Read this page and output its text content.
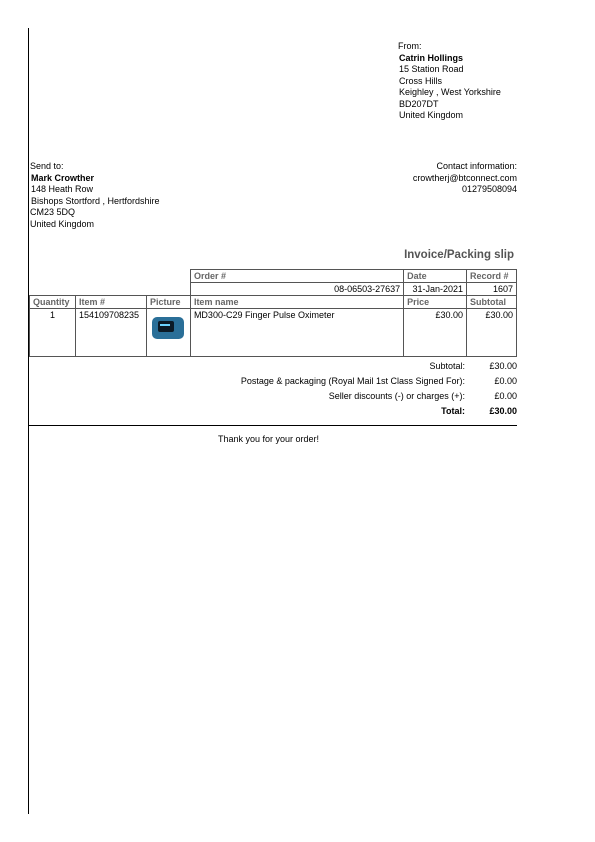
From:
Catrin Hollings
15 Station Road
Cross Hills
Keighley , West Yorkshire
BD207DT
United Kingdom
Send to:
Mark Crowther
148 Heath Row
Bishops Stortford , Hertfordshire
CM23 5DQ
United Kingdom
Contact information:
crowtherj@btconnect.com
01279508094
Invoice/Packing slip
			Order #	Date	Record #
			08-06503-27637	31-Jan-2021	1607
Quantity	Item #	Picture	Item name	Price	Subtotal
1	154109708235		MD300-C29 Finger Pulse Oximeter	£30.00	£30.00
Subtotal:	£30.00
Postage & packaging (Royal Mail 1st Class Signed For):	£0.00
Seller discounts (-) or charges (+):	£0.00
Total:	£30.00
Thank you for your order!
